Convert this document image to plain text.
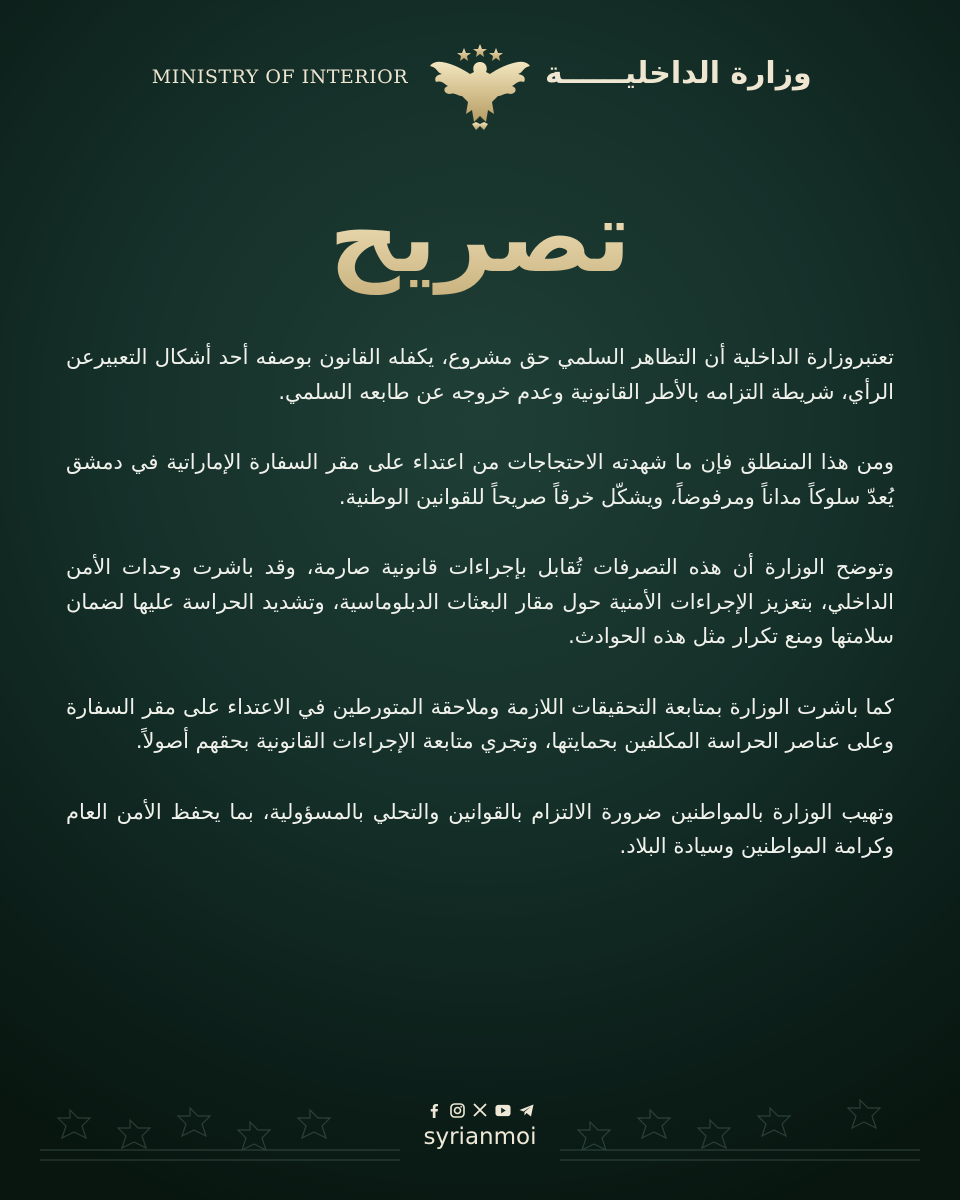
MINISTRY OF INTERIOR	وزارة الداخليــــــة
تصريح

تعتبروزارة الداخلية أن التظاهر السلمي حق مشروع، يكفله القانون بوصفه أحد أشكال التعبيرعن الرأي، شريطة التزامه بالأطر القانونية وعدم خروجه عن طابعه السلمي.

ومن هذا المنطلق فإن ما شهدته الاحتجاجات من اعتداء على مقر السفارة الإماراتية في دمشق يُعدّ سلوكاً مداناً ومرفوضاً، ويشكّل خرقاً صريحاً للقوانين الوطنية.

وتوضح الوزارة أن هذه التصرفات تُقابل بإجراءات قانونية صارمة، وقد باشرت وحدات الأمن الداخلي، بتعزيز الإجراءات الأمنية حول مقار البعثات الدبلوماسية، وتشديد الحراسة عليها لضمان سلامتها ومنع تكرار مثل هذه الحوادث.

كما باشرت الوزارة بمتابعة التحقيقات اللازمة وملاحقة المتورطين في الاعتداء على مقر السفارة وعلى عناصر الحراسة المكلفين بحمايتها، وتجري متابعة الإجراءات القانونية بحقهم أصولاً.

وتهيب الوزارة بالمواطنين ضرورة الالتزام بالقوانين والتحلي بالمسؤولية، بما يحفظ الأمن العام وكرامة المواطنين وسيادة البلاد.

syrianmoi
